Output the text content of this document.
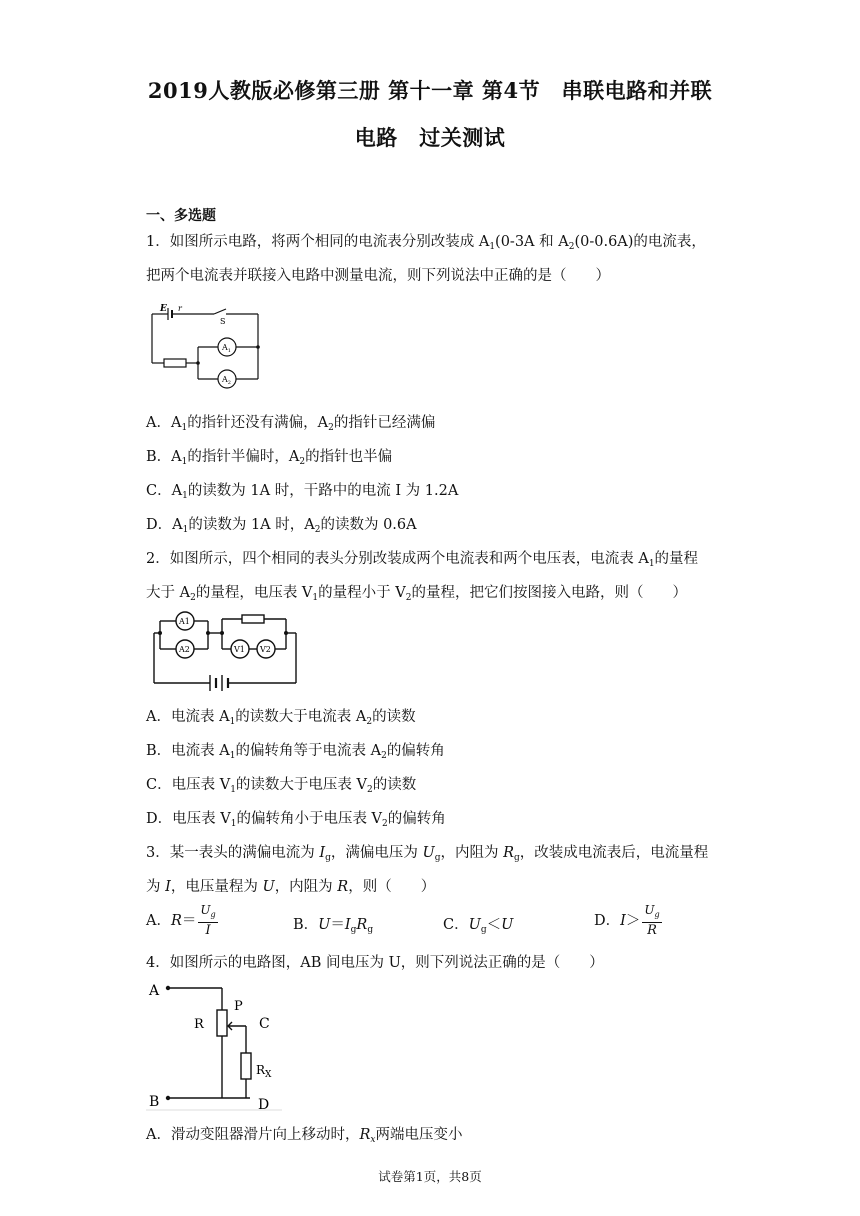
2019人教版必修第三册 第十一章 第4节　串联电路和并联
电路　过关测试
一、多选题
1．如图所示电路，将两个相同的电流表分别改装成 $A_1(0-3A$ 和 $A_2(0-0.6A)$的电流表，
把两个电流表并联接入电路中测量电流，则下列说法中正确的是（　　）
E r
S
$A_1$
$A_2$
A．$A_1$的指针还没有满偏，$A_2$的指针已经满偏
B．$A_1$的指针半偏时，$A_2$的指针也半偏
C．$A_1$的读数为 1A 时，干路中的电流 I 为 1.2A
D．$A_1$的读数为 1A 时，$A_2$的读数为 0.6A
2．如图所示，四个相同的表头分别改装成两个电流表和两个电压表，电流表 $A_1$的量程
大于 $A_2$的量程，电压表 $V_1$的量程小于 $V_2$的量程，把它们按图接入电路，则（　　）
A1
A2	V1 V2
A．电流表 $A_1$的读数大于电流表 $A_2$的读数
B．电流表 $A_1$的偏转角等于电流表 $A_2$的偏转角
C．电压表 $V_1$的读数大于电压表 $V_2$的读数
D．电压表 $V_1$的偏转角小于电压表 $V_2$的偏转角
3．某一表头的满偏电流为 $I_g$，满偏电压为 $U_g$，内阻为 $R_g$，改装成电流表后，电流量程
为 I，电压量程为 U，内阻为 R，则（　　）
A．$R= \frac{U_g}{I}$	B．$U=I_gR_g$	C．$U_g<U$	D．$I> \frac{U_g}{R}$
4．如图所示的电路图，AB 间电压为 U，则下列说法正确的是（　　）
A
B
P
R	C
$R_X$
D
A．滑动变阻器滑片向上移动时，$R_x$两端电压变小
试卷第1页，共8页
